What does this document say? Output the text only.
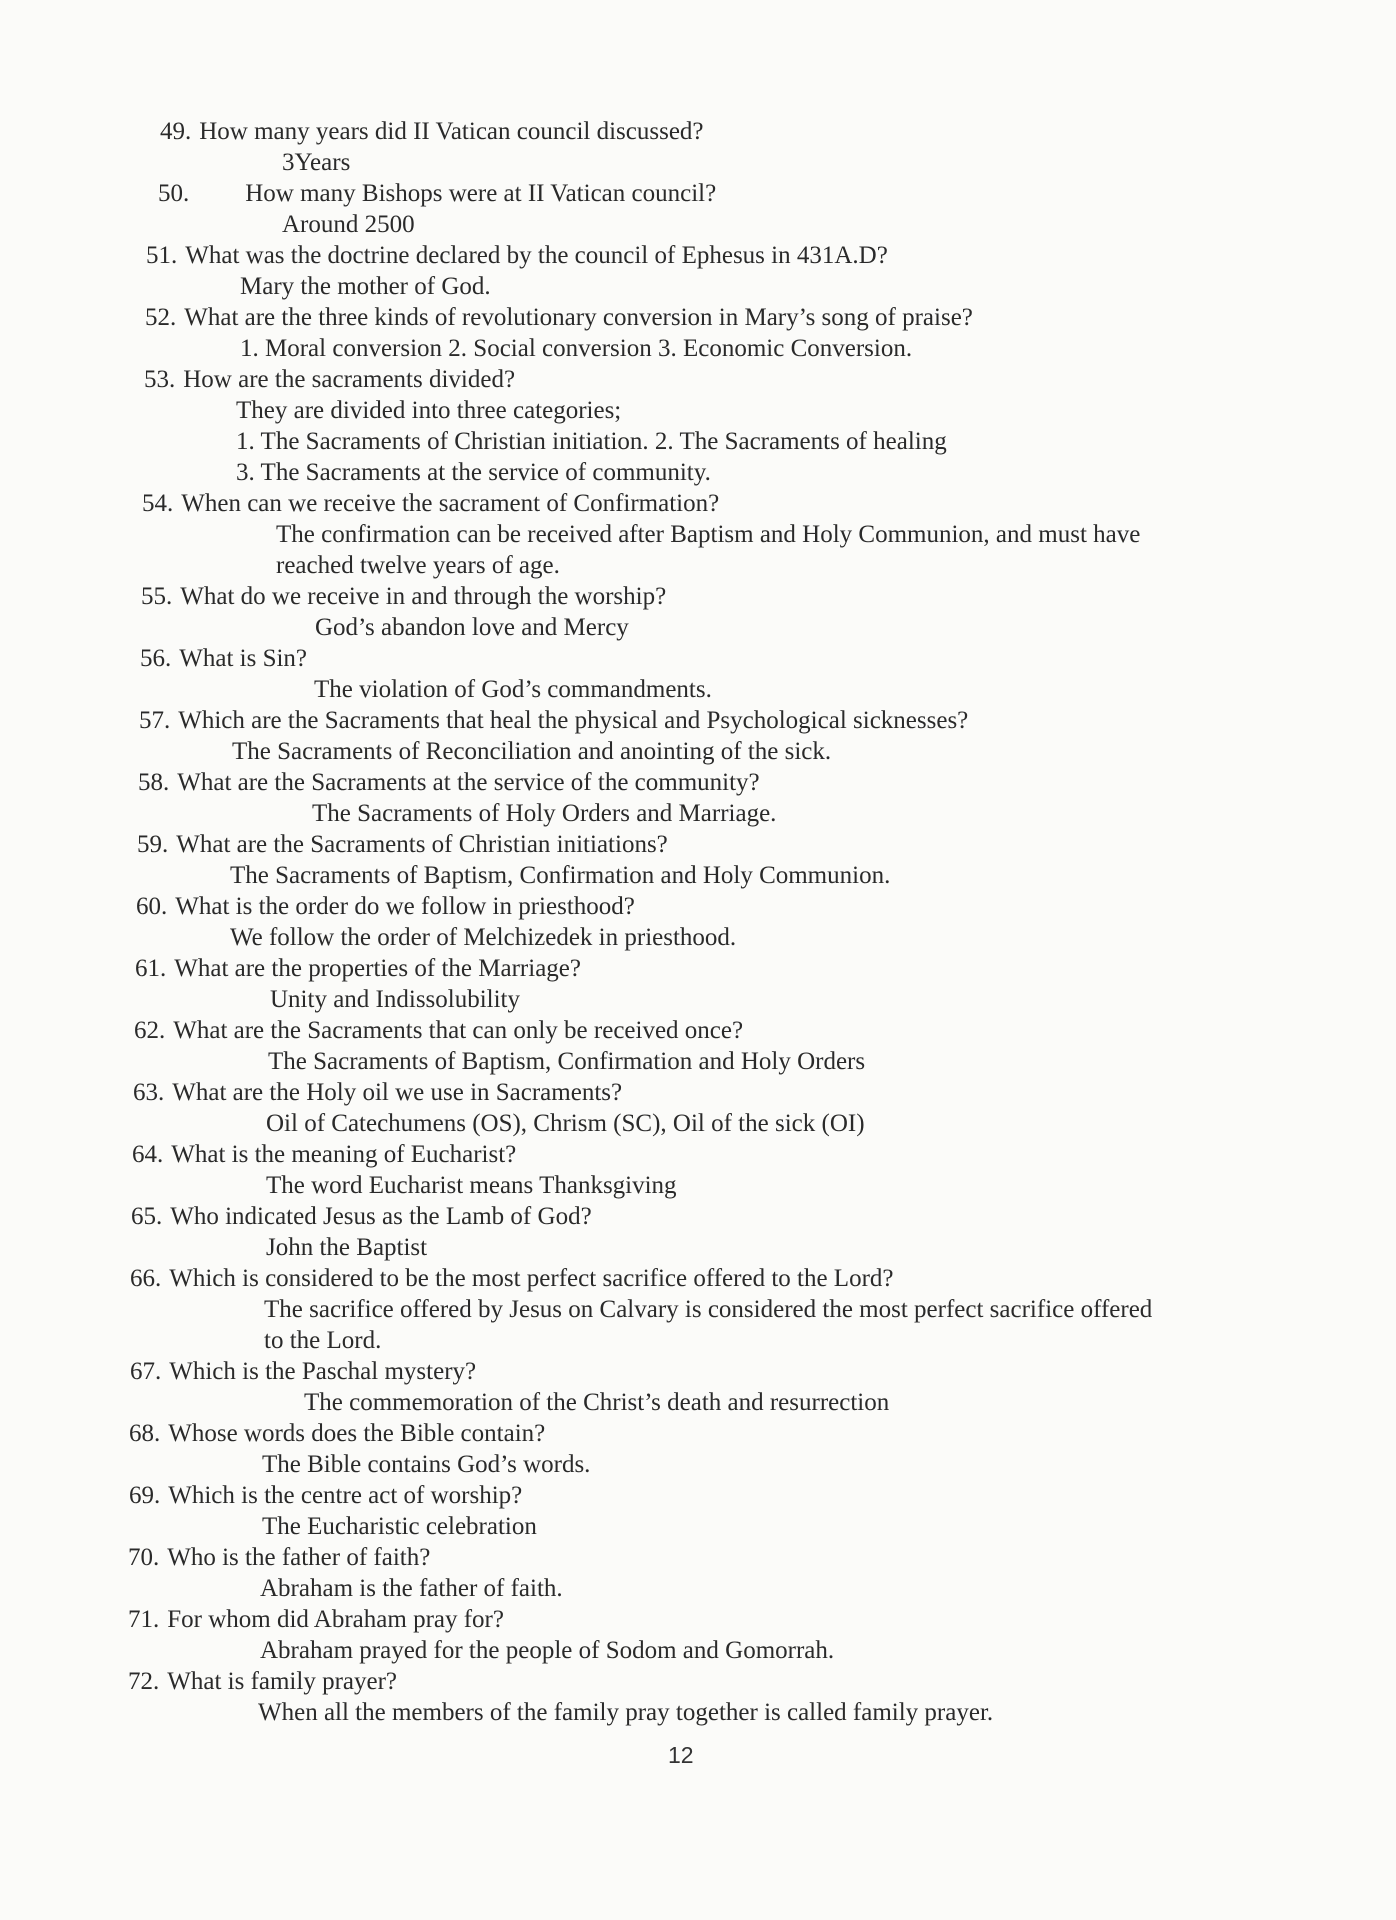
49. How many years did II Vatican council discussed?
3Years
50. How many Bishops were at II Vatican council?
Around 2500
51. What was the doctrine declared by the council of Ephesus in 431A.D?
Mary the mother of God.
52. What are the three kinds of revolutionary conversion in Mary’s song of praise?
1. Moral conversion 2. Social conversion 3. Economic Conversion.
53. How are the sacraments divided?
They are divided into three categories;
1. The Sacraments of Christian initiation. 2. The Sacraments of healing
3. The Sacraments at the service of community.
54. When can we receive the sacrament of Confirmation?
The confirmation can be received after Baptism and Holy Communion, and must have
reached twelve years of age.
55. What do we receive in and through the worship?
God’s abandon love and Mercy
56. What is Sin?
The violation of God’s commandments.
57. Which are the Sacraments that heal the physical and Psychological sicknesses?
The Sacraments of Reconciliation and anointing of the sick.
58. What are the Sacraments at the service of the community?
The Sacraments of Holy Orders and Marriage.
59. What are the Sacraments of Christian initiations?
The Sacraments of Baptism, Confirmation and Holy Communion.
60. What is the order do we follow in priesthood?
We follow the order of Melchizedek in priesthood.
61. What are the properties of the Marriage?
Unity and Indissolubility
62. What are the Sacraments that can only be received once?
The Sacraments of Baptism, Confirmation and Holy Orders
63. What are the Holy oil we use in Sacraments?
Oil of Catechumens (OS), Chrism (SC), Oil of the sick (OI)
64. What is the meaning of Eucharist?
The word Eucharist means Thanksgiving
65. Who indicated Jesus as the Lamb of God?
John the Baptist
66. Which is considered to be the most perfect sacrifice offered to the Lord?
The sacrifice offered by Jesus on Calvary is considered the most perfect sacrifice offered
to the Lord.
67. Which is the Paschal mystery?
The commemoration of the Christ’s death and resurrection
68. Whose words does the Bible contain?
The Bible contains God’s words.
69. Which is the centre act of worship?
The Eucharistic celebration
70. Who is the father of faith?
Abraham is the father of faith.
71. For whom did Abraham pray for?
Abraham prayed for the people of Sodom and Gomorrah.
72. What is family prayer?
When all the members of the family pray together is called family prayer.
12
